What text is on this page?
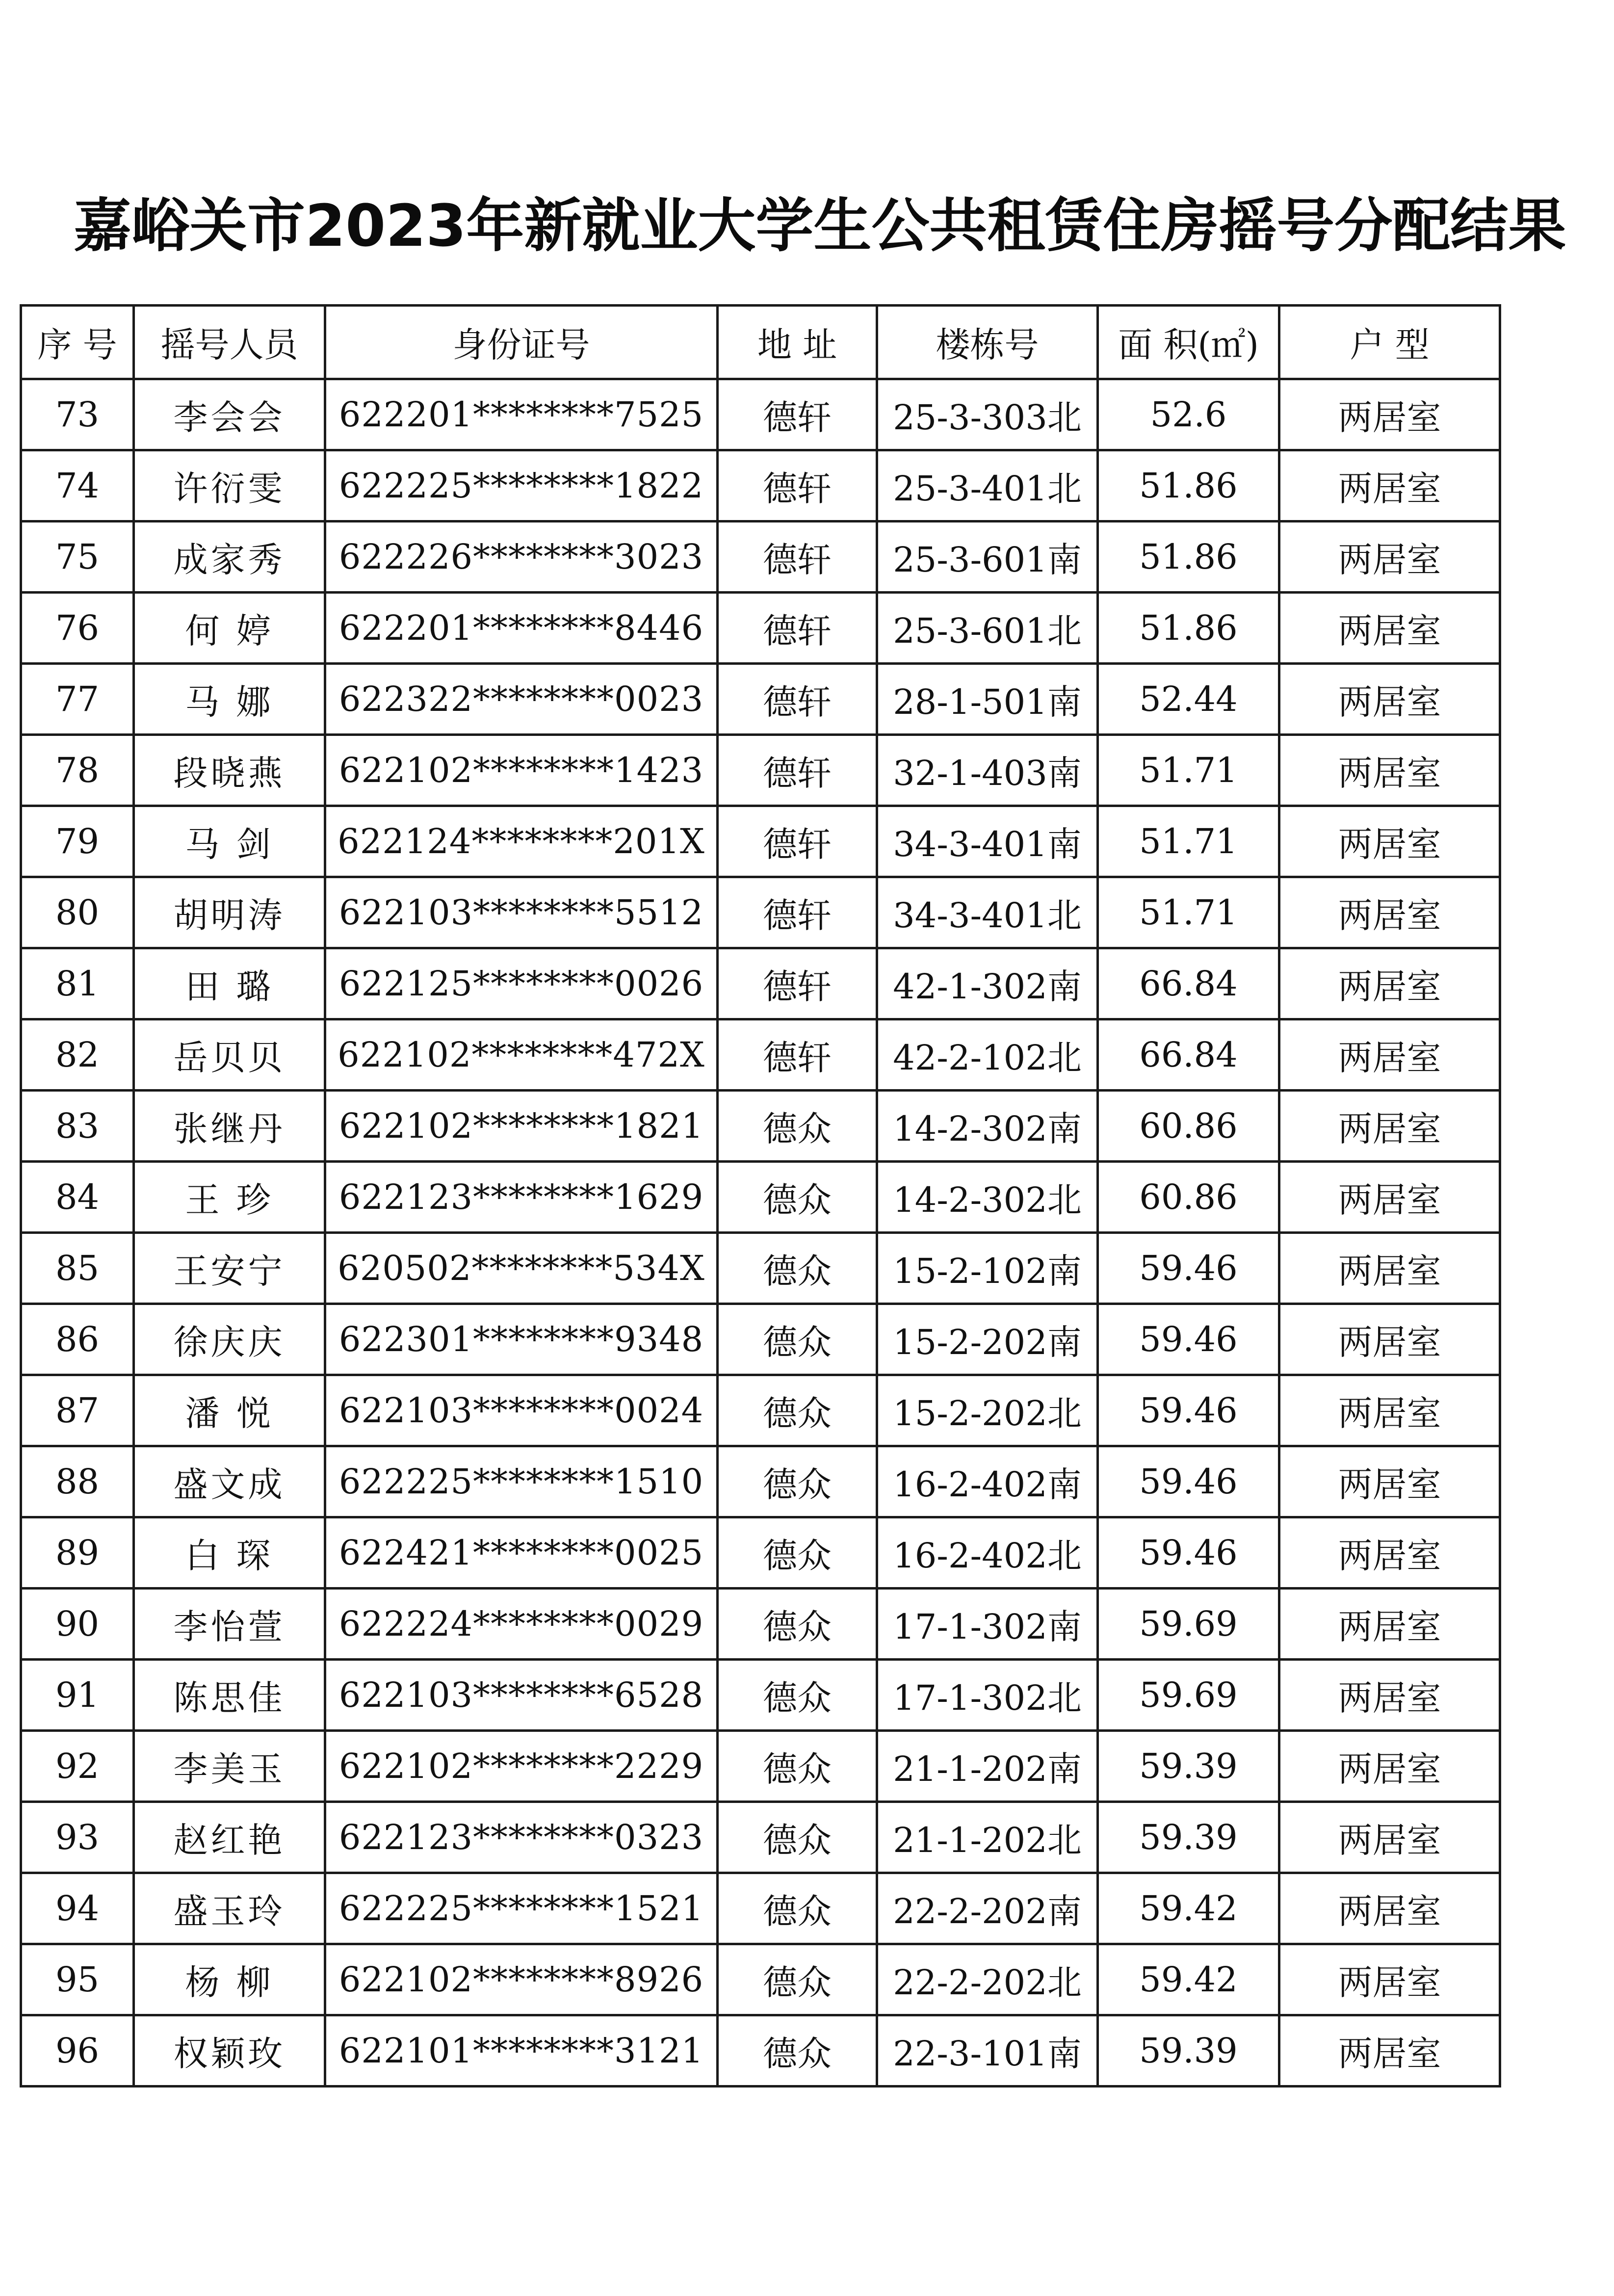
嘉峪关市2023年新就业大学生公共租赁住房摇号分配结果
序 号	摇号人员	身份证号	地 址	楼栋号	面 积(㎡)	户 型
73	李会会	622201********7525	德轩	25-3-303北	52.6	两居室
74	许衍雯	622225********1822	德轩	25-3-401北	51.86	两居室
75	成家秀	622226********3023	德轩	25-3-601南	51.86	两居室
76	何 婷	622201********8446	德轩	25-3-601北	51.86	两居室
77	马 娜	622322********0023	德轩	28-1-501南	52.44	两居室
78	段晓燕	622102********1423	德轩	32-1-403南	51.71	两居室
79	马 剑	622124********201X	德轩	34-3-401南	51.71	两居室
80	胡明涛	622103********5512	德轩	34-3-401北	51.71	两居室
81	田 璐	622125********0026	德轩	42-1-302南	66.84	两居室
82	岳贝贝	622102********472X	德轩	42-2-102北	66.84	两居室
83	张继丹	622102********1821	德众	14-2-302南	60.86	两居室
84	王 珍	622123********1629	德众	14-2-302北	60.86	两居室
85	王安宁	620502********534X	德众	15-2-102南	59.46	两居室
86	徐庆庆	622301********9348	德众	15-2-202南	59.46	两居室
87	潘 悦	622103********0024	德众	15-2-202北	59.46	两居室
88	盛文成	622225********1510	德众	16-2-402南	59.46	两居室
89	白 琛	622421********0025	德众	16-2-402北	59.46	两居室
90	李怡萱	622224********0029	德众	17-1-302南	59.69	两居室
91	陈思佳	622103********6528	德众	17-1-302北	59.69	两居室
92	李美玉	622102********2229	德众	21-1-202南	59.39	两居室
93	赵红艳	622123********0323	德众	21-1-202北	59.39	两居室
94	盛玉玲	622225********1521	德众	22-2-202南	59.42	两居室
95	杨 柳	622102********8926	德众	22-2-202北	59.42	两居室
96	权颖玫	622101********3121	德众	22-3-101南	59.39	两居室
